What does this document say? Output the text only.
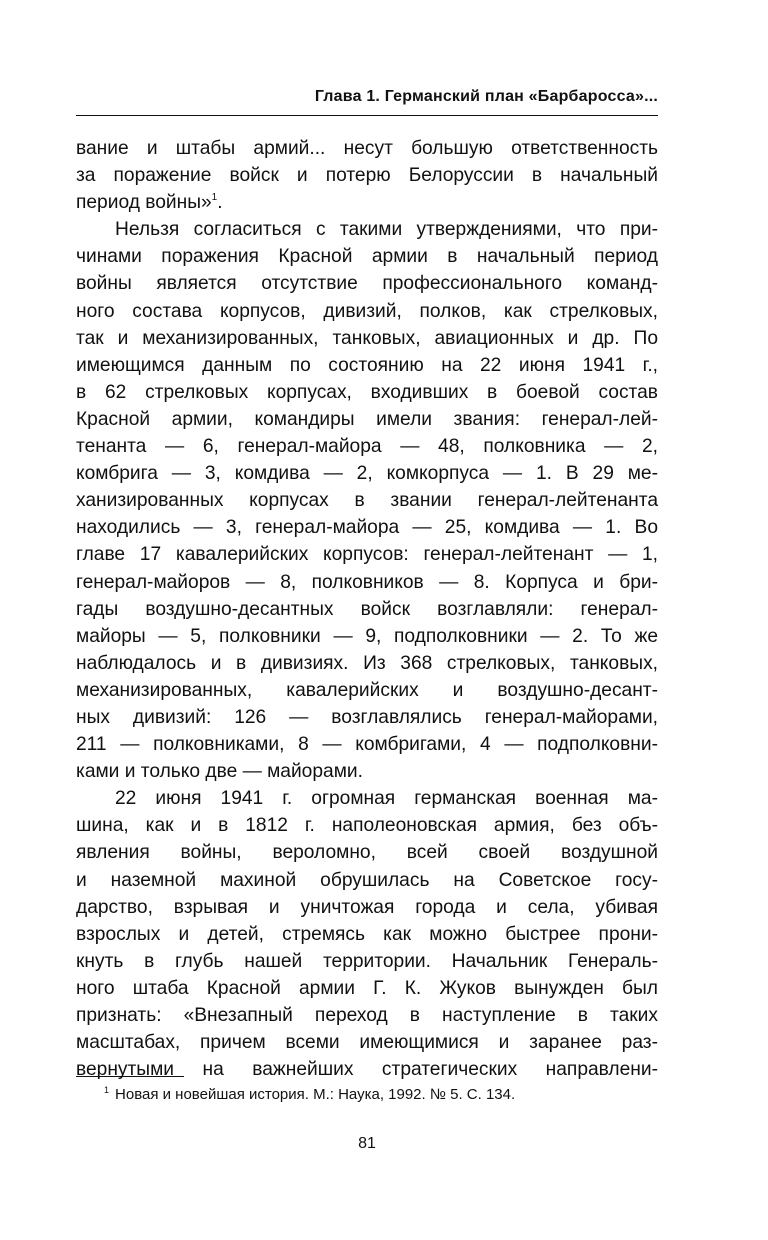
Глава 1. Германский план «Барбаросса»...
вание и штабы армий... несут большую ответственность
за поражение войск и потерю Белоруссии в начальный
период войны»$^1$.
Нельзя согласиться с такими утверждениями, что при-
чинами поражения Красной армии в начальный период
войны является отсутствие профессионального команд-
ного состава корпусов, дивизий, полков, как стрелковых,
так и механизированных, танковых, авиационных и др. По
имеющимся данным по состоянию на 22 июня 1941 г.,
в 62 стрелковых корпусах, входивших в боевой состав
Красной армии, командиры имели звания: генерал-лей-
тенанта — 6, генерал-майора — 48, полковника — 2,
комбрига — 3, комдива — 2, комкорпуса — 1. В 29 ме-
ханизированных корпусах в звании генерал-лейтенанта
находились — 3, генерал-майора — 25, комдива — 1. Во
главе 17 кавалерийских корпусов: генерал-лейтенант — 1,
генерал-майоров — 8, полковников — 8. Корпуса и бри-
гады воздушно-десантных войск возглавляли: генерал-
майоры — 5, полковники — 9, подполковники — 2. То же
наблюдалось и в дивизиях. Из 368 стрелковых, танковых,
механизированных, кавалерийских и воздушно-десант-
ных дивизий: 126 — возглавлялись генерал-майорами,
211 — полковниками, 8 — комбригами, 4 — подполковни-
ками и только две — майорами.
22 июня 1941 г. огромная германская военная ма-
шина, как и в 1812 г. наполеоновская армия, без объ-
явления войны, вероломно, всей своей воздушной
и наземной махиной обрушилась на Советское госу-
дарство, взрывая и уничтожая города и села, убивая
взрослых и детей, стремясь как можно быстрее прони-
кнуть в глубь нашей территории. Начальник Генераль-
ного штаба Красной армии Г. К. Жуков вынужден был
признать: «Внезапный переход в наступление в таких
масштабах, причем всеми имеющимися и заранее раз-
вернутыми на важнейших стратегических направлени-
$^1$ Новая и новейшая история. М.: Наука, 1992. № 5. С. 134.
81
